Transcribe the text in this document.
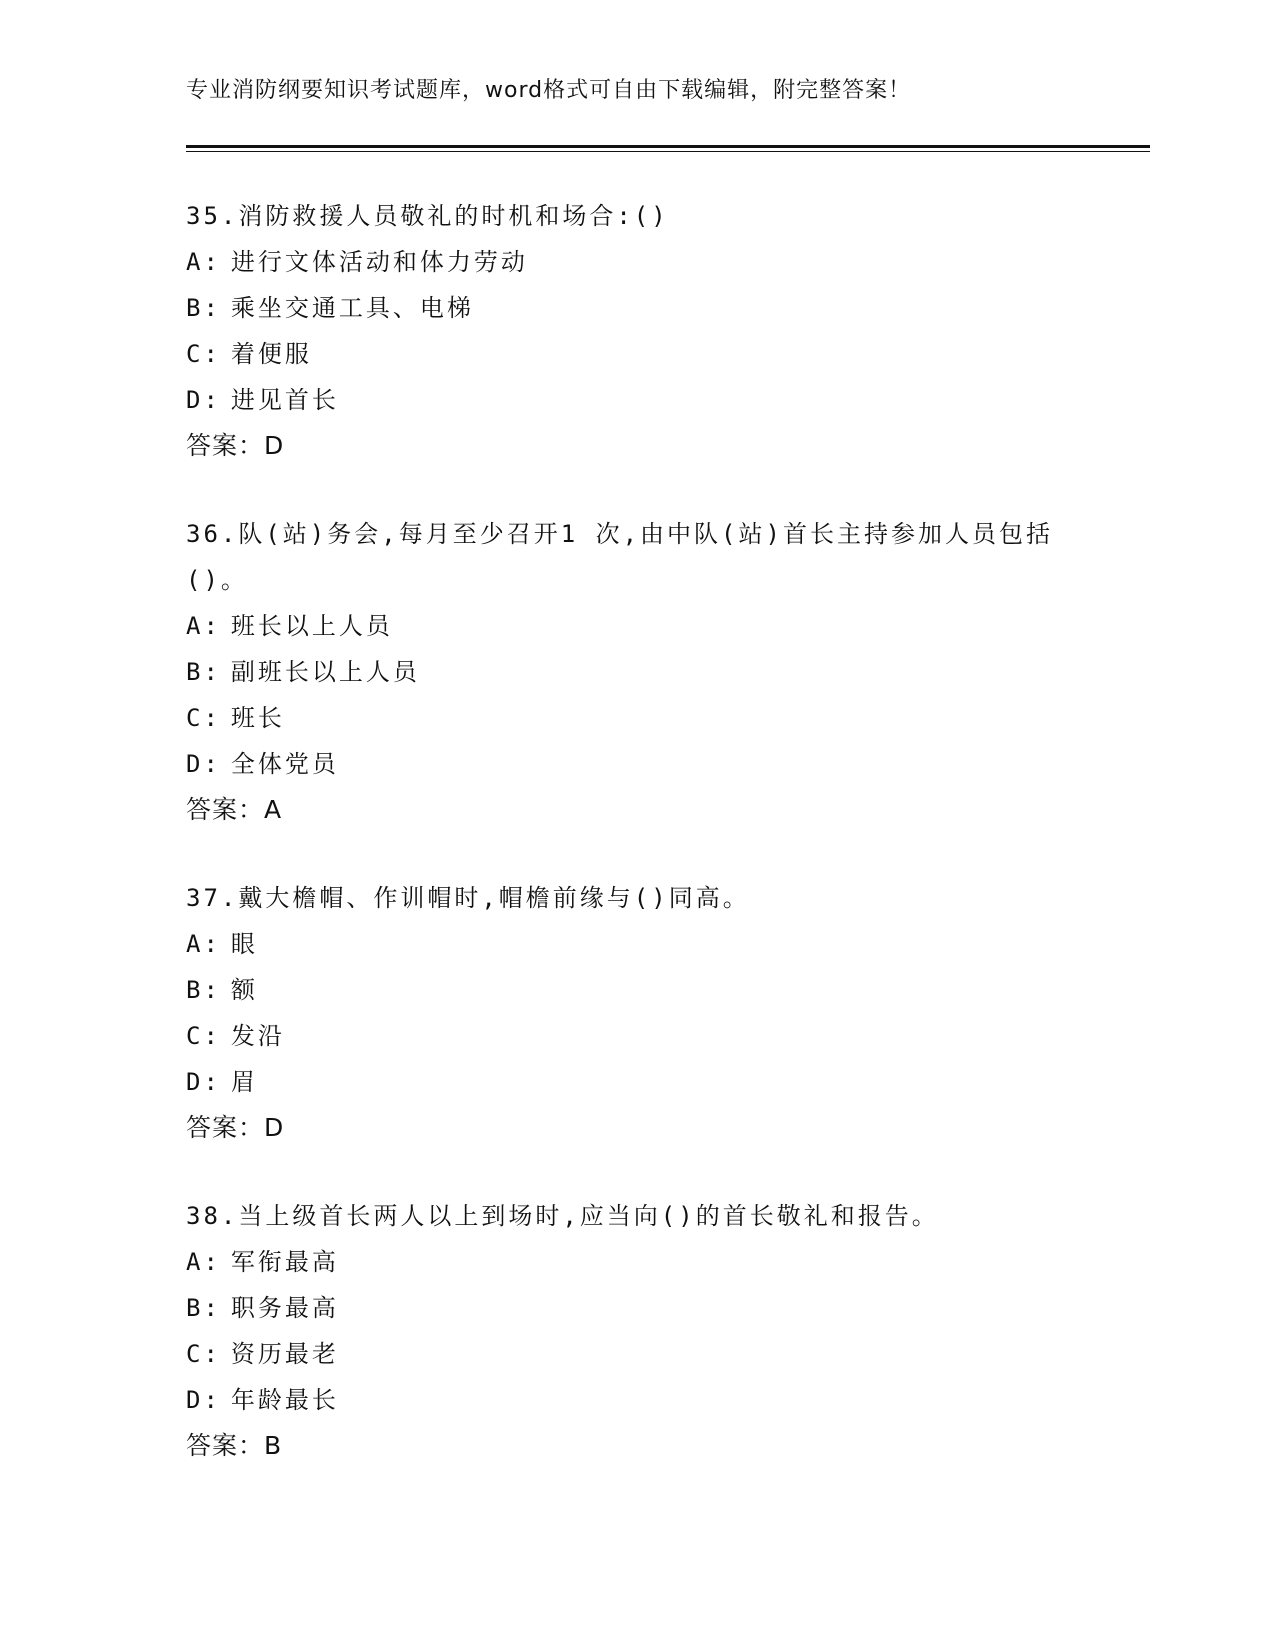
专业消防纲要知识考试题库，word格式可自由下载编辑，附完整答案！
35.消防救援人员敬礼的时机和场合:()
A: 进行文体活动和体力劳动
B: 乘坐交通工具、电梯
C: 着便服
D: 进见首长
答案：D
36.队(站)务会,每月至少召开1 次,由中队(站)首长主持参加人员包括()。
A: 班长以上人员
B: 副班长以上人员
C: 班长
D: 全体党员
答案：A
37.戴大檐帽、作训帽时,帽檐前缘与()同高。
A: 眼
B:额
C: 发沿
D: 眉
答案：D
38.当上级首长两人以上到场时,应当向()的首长敬礼和报告。
A: 军衔最高
B: 职务最高
C:资历最老
D: 年龄最长
答案：B
